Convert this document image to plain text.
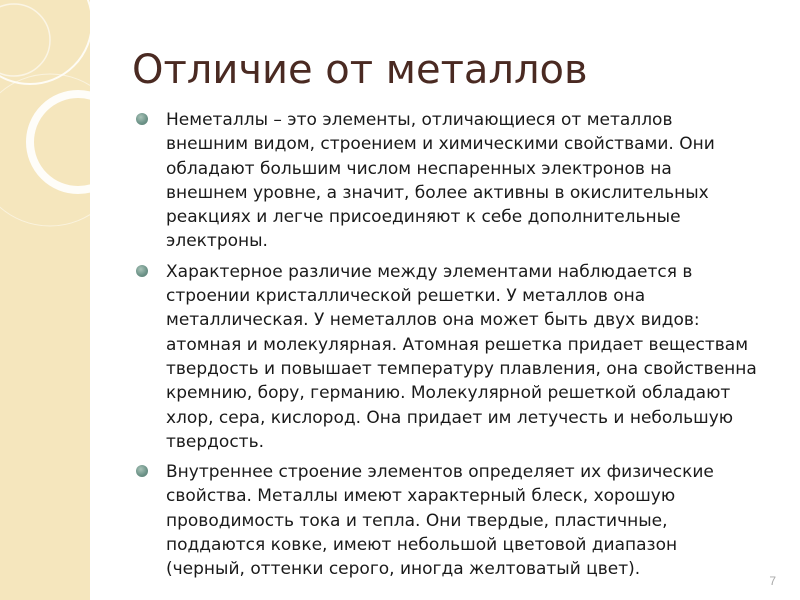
Отличие от металлов
Неметаллы – это элементы, отличающиеся от металлов
внешним видом, строением и химическими свойствами. Они
обладают большим числом неспаренных электронов на
внешнем уровне, а значит, более активны в окислительных
реакциях и легче присоединяют к себе дополнительные
электроны.
Характерное различие между элементами наблюдается в
строении кристаллической решетки. У металлов она
металлическая. У неметаллов она может быть двух видов:
атомная и молекулярная. Атомная решетка придает веществам
твердость и повышает температуру плавления, она свойственна
кремнию, бору, германию. Молекулярной решеткой обладают
хлор, сера, кислород. Она придает им летучесть и небольшую
твердость.
Внутреннее строение элементов определяет их физические
свойства. Металлы имеют характерный блеск, хорошую
проводимость тока и тепла. Они твердые, пластичные,
поддаются ковке, имеют небольшой цветовой диапазон
(черный, оттенки серого, иногда желтоватый цвет).
7
